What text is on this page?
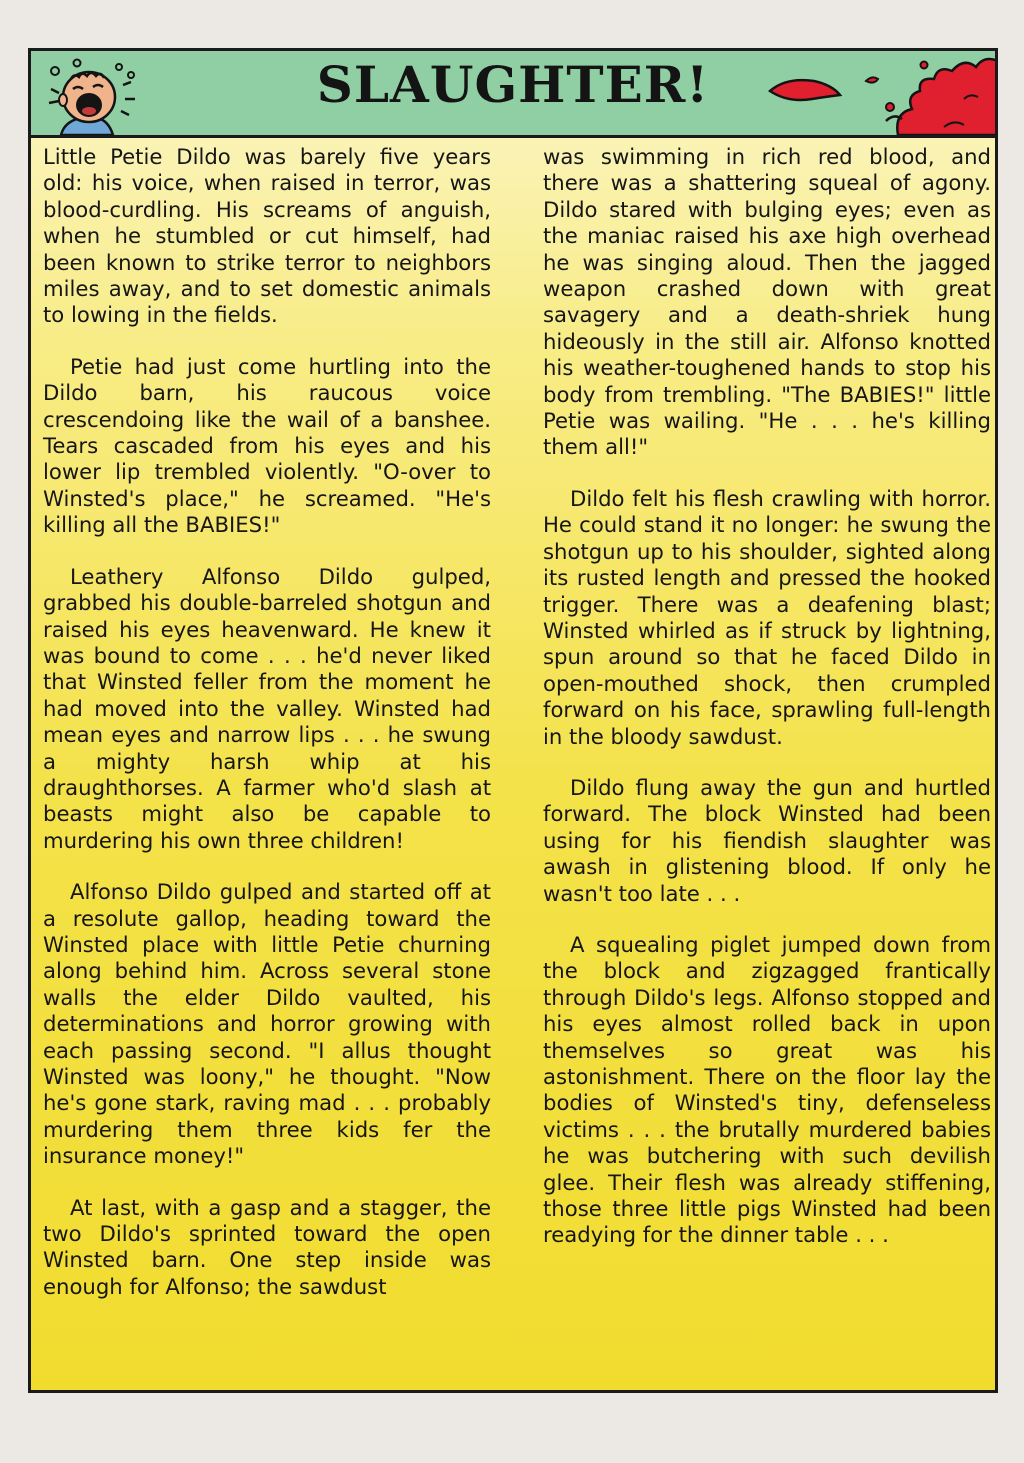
SLAUGHTER!

Little Petie Dildo was barely five years old: his voice, when raised in terror, was blood-curdling. His screams of anguish, when he stumbled or cut himself, had been known to strike terror to neighbors miles away, and to set domestic animals to lowing in the fields.

Petie had just come hurtling into the Dildo barn, his raucous voice crescendoing like the wail of a banshee. Tears cascaded from his eyes and his lower lip trembled violently. "O-over to Winsted's place," he screamed. "He's killing all the BABIES!"

Leathery Alfonso Dildo gulped, grabbed his double-barreled shotgun and raised his eyes heavenward. He knew it was bound to come . . . he'd never liked that Winsted feller from the moment he had moved into the valley. Winsted had mean eyes and narrow lips . . . he swung a mighty harsh whip at his draughthorses. A farmer who'd slash at beasts might also be capable to murdering his own three children!

Alfonso Dildo gulped and started off at a resolute gallop, heading toward the Winsted place with little Petie churning along behind him. Across several stone walls the elder Dildo vaulted, his determinations and horror growing with each passing second. "I allus thought Winsted was loony," he thought. "Now he's gone stark, raving mad . . . probably murdering them three kids fer the insurance money!"

At last, with a gasp and a stagger, the two Dildo's sprinted toward the open Winsted barn. One step inside was enough for Alfonso; the sawdust

was swimming in rich red blood, and there was a shattering squeal of agony. Dildo stared with bulging eyes; even as the maniac raised his axe high overhead he was singing aloud. Then the jagged weapon crashed down with great savagery and a death-shriek hung hideously in the still air. Alfonso knotted his weather-toughened hands to stop his body from trembling. "The BABIES!" little Petie was wailing. "He . . . he's killing them all!"

Dildo felt his flesh crawling with horror. He could stand it no longer: he swung the shotgun up to his shoulder, sighted along its rusted length and pressed the hooked trigger. There was a deafening blast; Winsted whirled as if struck by lightning, spun around so that he faced Dildo in open-mouthed shock, then crumpled forward on his face, sprawling full-length in the bloody sawdust.

Dildo flung away the gun and hurtled forward. The block Winsted had been using for his fiendish slaughter was awash in glistening blood. If only he wasn't too late . . .

A squealing piglet jumped down from the block and zigzagged frantically through Dildo's legs. Alfonso stopped and his eyes almost rolled back in upon themselves so great was his astonishment. There on the floor lay the bodies of Winsted's tiny, defenseless victims . . . the brutally murdered babies he was butchering with such devilish glee. Their flesh was already stiffening, those three little pigs Winsted had been readying for the dinner table . . .
